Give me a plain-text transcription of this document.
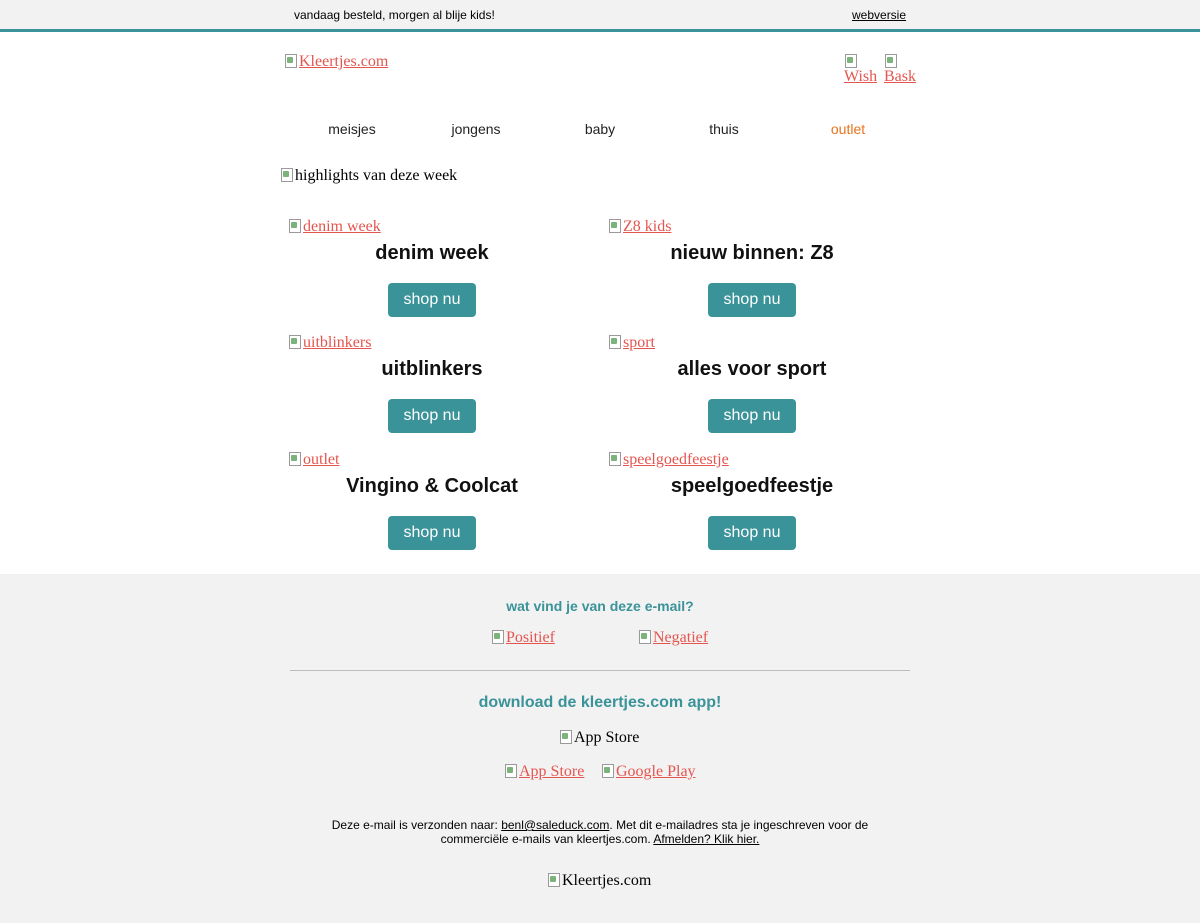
vandaag besteld, morgen al blije kids!	webversie
Kleertjes.com
Wish Bask
meisjes	jongens	baby	thuis	outlet
highlights van deze week
denim week
denim week
shop nu
Z8 kids
nieuw binnen: Z8
shop nu
uitblinkers
uitblinkers
shop nu
sport
alles voor sport
shop nu
outlet
Vingino & Coolcat
shop nu
speelgoedfeestje
speelgoedfeestje
shop nu
wat vind je van deze e-mail?
Positief	Negatief
download de kleertjes.com app!
App Store
App Store Google Play
Deze e-mail is verzonden naar: benl@saleduck.com. Met dit e-mailadres sta je ingeschreven voor de commerciële e-mails van kleertjes.com. Afmelden? Klik hier.
Kleertjes.com
